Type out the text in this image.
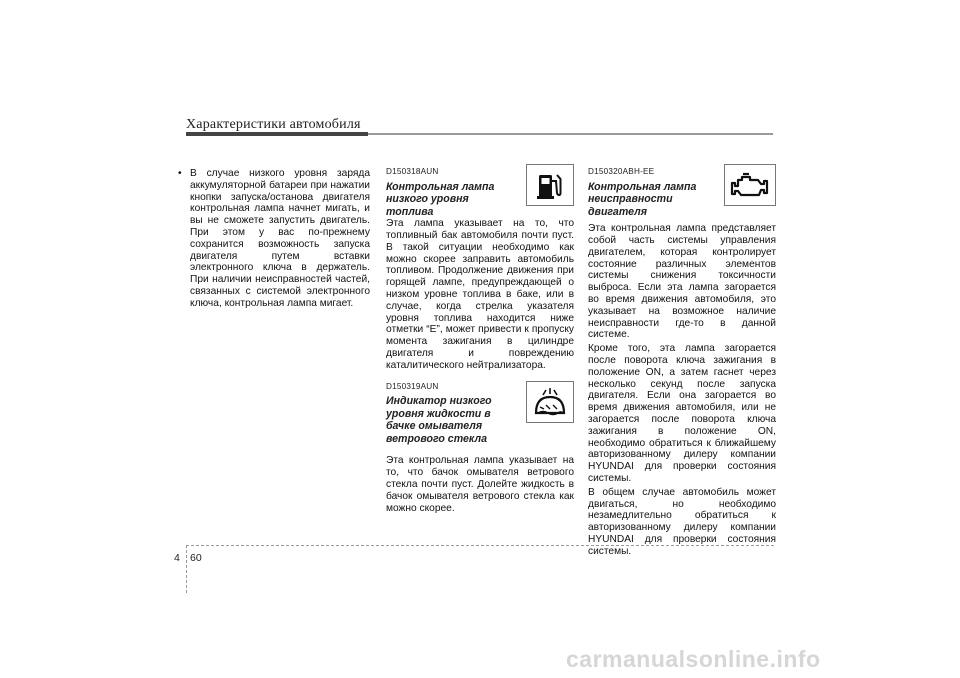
Характеристики автомобиля
• В случае низкого уровня заряда аккумуляторной батареи при нажатии кнопки запуска/останова двигателя контрольная лампа начнет мигать, и вы не сможете запустить двигатель. При этом у вас по-прежнему сохранится возможность запуска двигателя путем вставки электронного ключа в держатель. При наличии неисправностей частей, связанных с системой электронного ключа, контрольная лампа мигает.

D150318AUN
Контрольная лампа низкого уровня топлива

Эта лампа указывает на то, что топливный бак автомобиля почти пуст. В такой ситуации необходимо как можно скорее заправить автомобиль топливом. Продолжение движения при горящей лампе, предупреждающей о низком уровне топлива в баке, или в случае, когда стрелка указателя уровня топлива находится ниже отметки “E”, может привести к пропуску момента зажигания в цилиндре двигателя и повреждению каталитического нейтрализатора.

D150319AUN
Индикатор низкого уровня жидкости в бачке омывателя ветрового стекла

Эта контрольная лампа указывает на то, что бачок омывателя ветрового стекла почти пуст. Долейте жидкость в бачок омывателя ветрового стекла как можно скорее.

D150320ABH-EE
Контрольная лампа неисправности двигателя

Эта контрольная лампа представляет собой часть системы управления двигателем, которая контролирует состояние различных элементов системы снижения токсичности выброса. Если эта лампа загорается во время движения автомобиля, это указывает на возможное наличие неисправности где-то в данной системе.

Кроме того, эта лампа загорается после поворота ключа зажигания в положение ON, а затем гаснет через несколько секунд после запуска двигателя. Если она загорается во время движения автомобиля, или не загорается после поворота ключа зажигания в положение ON, необходимо обратиться к ближайшему авторизованному дилеру компании HYUNDAI для проверки состояния системы.

В общем случае автомобиль может двигаться, но необходимо незамедлительно обратиться к авторизованному дилеру компании HYUNDAI для проверки состояния системы.

4 60
carmanualsonline.info
